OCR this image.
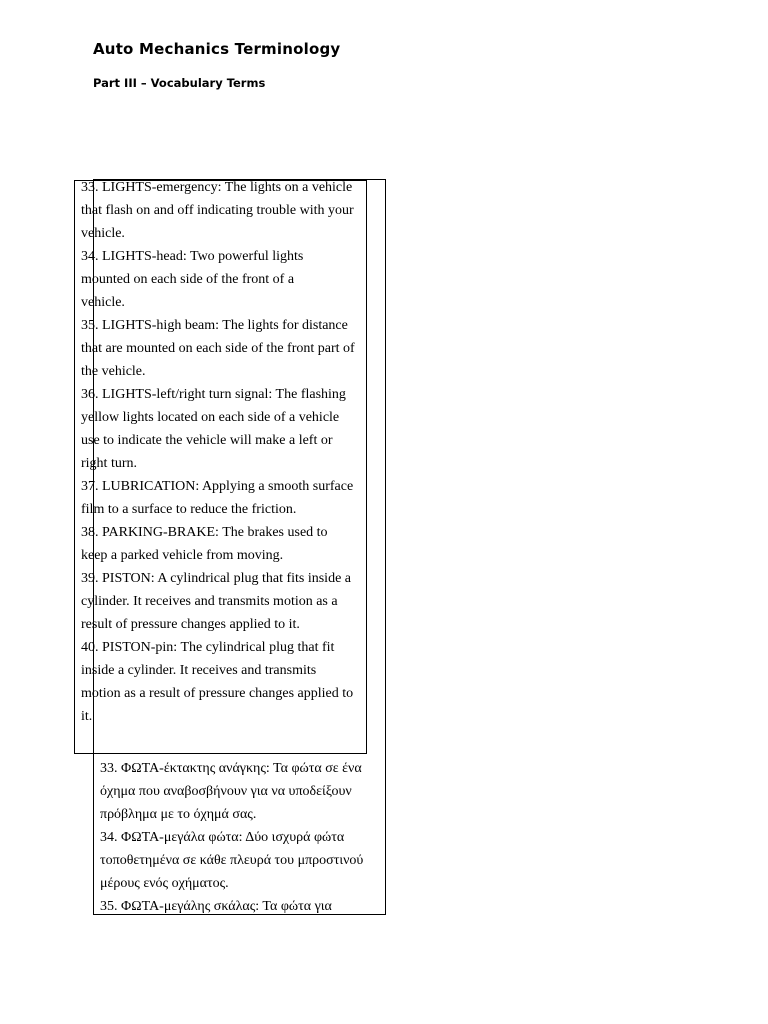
Auto Mechanics Terminology
Part III – Vocabulary Terms
33. LIGHTS-emergency: The lights on a vehicle
that flash on and off indicating trouble with your
vehicle.
34. LIGHTS-head: Two powerful lights
mounted on each side of the front of a
vehicle.
35. LIGHTS-high beam: The lights for distance
that are mounted on each side of the front part of
the vehicle.
36. LIGHTS-left/right turn signal: The flashing
yellow lights located on each side of a vehicle
use to indicate the vehicle will make a left or
right turn.
37. LUBRICATION: Applying a smooth surface
film to a surface to reduce the friction.
38. PARKING-BRAKE: The brakes used to
keep a parked vehicle from moving.
39. PISTON: A cylindrical plug that fits inside a
cylinder. It receives and transmits motion as a
result of pressure changes applied to it.
40. PISTON-pin: The cylindrical plug that fit
inside a cylinder. It receives and transmits
motion as a result of pressure changes applied to
it.
33. ΦΩΤΑ-έκτακτης ανάγκης: Τα φώτα σε ένα
όχημα που αναβοσβήνουν για να υποδείξουν
πρόβλημα με το όχημά σας.
34. ΦΩΤΑ-μεγάλα φώτα: Δύο ισχυρά φώτα
τοποθετημένα σε κάθε πλευρά του μπροστινού
μέρους ενός οχήματος.
35. ΦΩΤΑ-μεγάλης σκάλας: Τα φώτα για
